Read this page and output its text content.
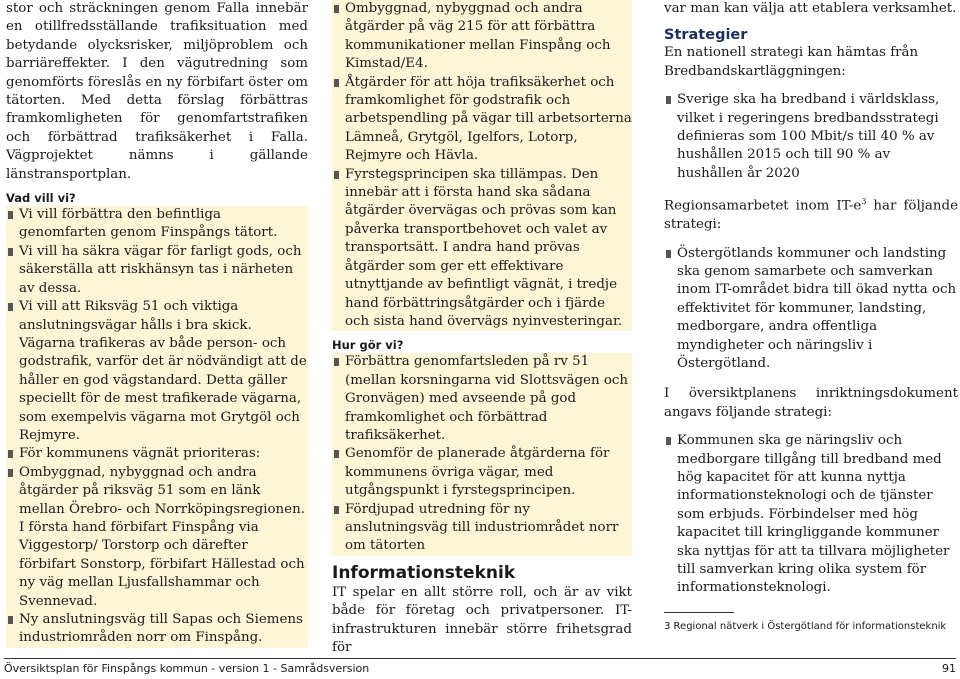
stor och sträckningen genom Falla innebär en otillfredsställande trafiksituation med betydande olycksrisker, miljöproblem och barriäreffekter. I den vägutredning som genomförts föreslås en ny förbifart öster om tätorten. Med detta förslag förbättras framkomligheten för genomfartstrafiken och förbättrad trafiksäkerhet i Falla. Vägprojektet nämns i gällande länstransportplan.

Vad vill vi?

Vi vill förbättra den befintliga genomfarten genom Finspångs tätort.
Vi vill ha säkra vägar för farligt gods, och säkerställa att riskhänsyn tas i närheten av dessa.
Vi vill att Riksväg 51 och viktiga anslutningsvägar hålls i bra skick. Vägarna trafikeras av både person- och godstrafik, varför det är nödvändigt att de håller en god vägstandard. Detta gäller speciellt för de mest trafikerade vägarna, som exempelvis vägarna mot Grytgöl och Rejmyre.
För kommunens vägnät prioriteras:
Ombyggnad, nybyggnad och andra åtgärder på riksväg 51 som en länk mellan Örebro- och Norrköpingsregionen. I första hand förbifart Finspång via Viggestorp/ Torstorp och därefter förbifart Sonstorp, förbifart Hällestad och ny väg mellan Ljusfallshammar och Svennevad.
Ny anslutningsväg till Sapas och Siemens industriområden norr om Finspång.
Ombyggnad, nybyggnad och andra åtgärder på väg 215 för att förbättra kommunikationer mellan Finspång och Kimstad/E4.
Åtgärder för att höja trafiksäkerhet och framkomlighet för godstrafik och arbetspendling på vägar till arbetsorterna Lämneå, Grytgöl, Igelfors, Lotorp, Rejmyre och Hävla.
Fyrstegsprincipen ska tillämpas. Den innebär att i första hand ska sådana åtgärder övervägas och prövas som kan påverka transportbehovet och valet av transportsätt. I andra hand prövas åtgärder som ger ett effektivare utnyttjande av befintligt vägnät, i tredje hand förbättringsåtgärder och i fjärde och sista hand övervägs nyinvesteringar.

Hur gör vi?

Förbättra genomfartsleden på rv 51 (mellan korsningarna vid Slottsvägen och Gronvägen) med avseende på god framkomlighet och förbättrad trafiksäkerhet.
Genomför de planerade åtgärderna för kommunens övriga vägar, med utgångspunkt i fyrstegsprincipen.
Fördjupad utredning för ny anslutningsväg till industriområdet norr om tätorten

Informationsteknik

IT spelar en allt större roll, och är av vikt både för företag och privatpersoner. IT-infrastrukturen innebär större frihetsgrad för

var man kan välja att etablera verksamhet.

Strategier

En nationell strategi kan hämtas från Bredbandskartläggningen:

Sverige ska ha bredband i världsklass, vilket i regeringens bredbandsstrategi definieras som 100 Mbit/s till 40 % av hushållen 2015 och till 90 % av hushållen år 2020

Regionsamarbetet inom $IT-e^3$ har följande strategi:

Östergötlands kommuner och landsting ska genom samarbete och samverkan inom IT-området bidra till ökad nytta och effektivitet för kommuner, landsting, medborgare, andra offentliga myndigheter och näringsliv i Östergötland.

I översiktplanens inriktningsdokument angavs följande strategi:

Kommunen ska ge näringsliv och medborgare tillgång till bredband med hög kapacitet för att kunna nyttja informationsteknologi och de tjänster som erbjuds. Förbindelser med hög kapacitet till kringliggande kommuner ska nyttjas för att ta tillvara möjligheter till samverkan kring olika system för informationsteknologi.
3 Regional nätverk i Östergötland för informationsteknik
Översiktsplan för Finspångs kommun - version 1 - Samrådsversion	91
